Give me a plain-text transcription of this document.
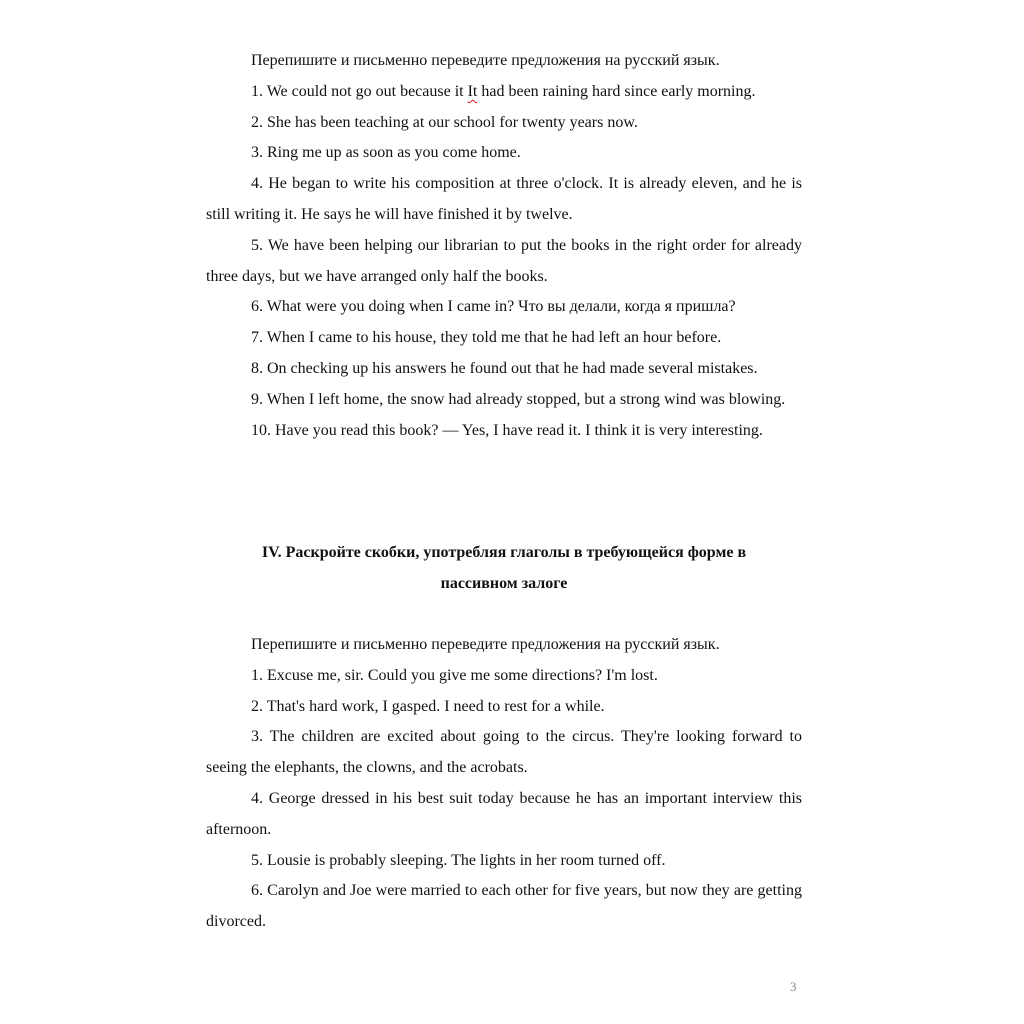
Перепишите и письменно переведите предложения на русский язык.

1. We could not go out because it It had been raining hard since early morning.

2. She has been teaching at our school for twenty years now.

3. Ring me up as soon as you come home.

4. He began to write his composition at three o'clock. It is already eleven, and he is still writing it. He says he will have finished it by twelve.

5. We have been helping our librarian to put the books in the right order for already three days, but we have arranged only half the books.

6. What were you doing when I came in? Что вы делали, когда я пришла?

7. When I came to his house, they told me that he had left an hour before.

8. On checking up his answers he found out that he had made several mistakes.

9. When I left home, the snow had already stopped, but a strong wind was blowing.

10. Have you read this book? — Yes, I have read it. I think it is very interesting.

IV. Раскройте скобки, употребляя глаголы в требующейся форме в
пассивном залоге

Перепишите и письменно переведите предложения на русский язык.

1. Excuse me, sir. Could you give me some directions? I'm lost.

2. That's hard work, I gasped. I need to rest for a while.

3. The children are excited about going to the circus. They're looking forward to seeing the elephants, the clowns, and the acrobats.

4. George dressed in his best suit today because he has an important interview this afternoon.

5. Lousie is probably sleeping. The lights in her room turned off.

6. Carolyn and Joe were married to each other for five years, but now they are getting divorced.

3
